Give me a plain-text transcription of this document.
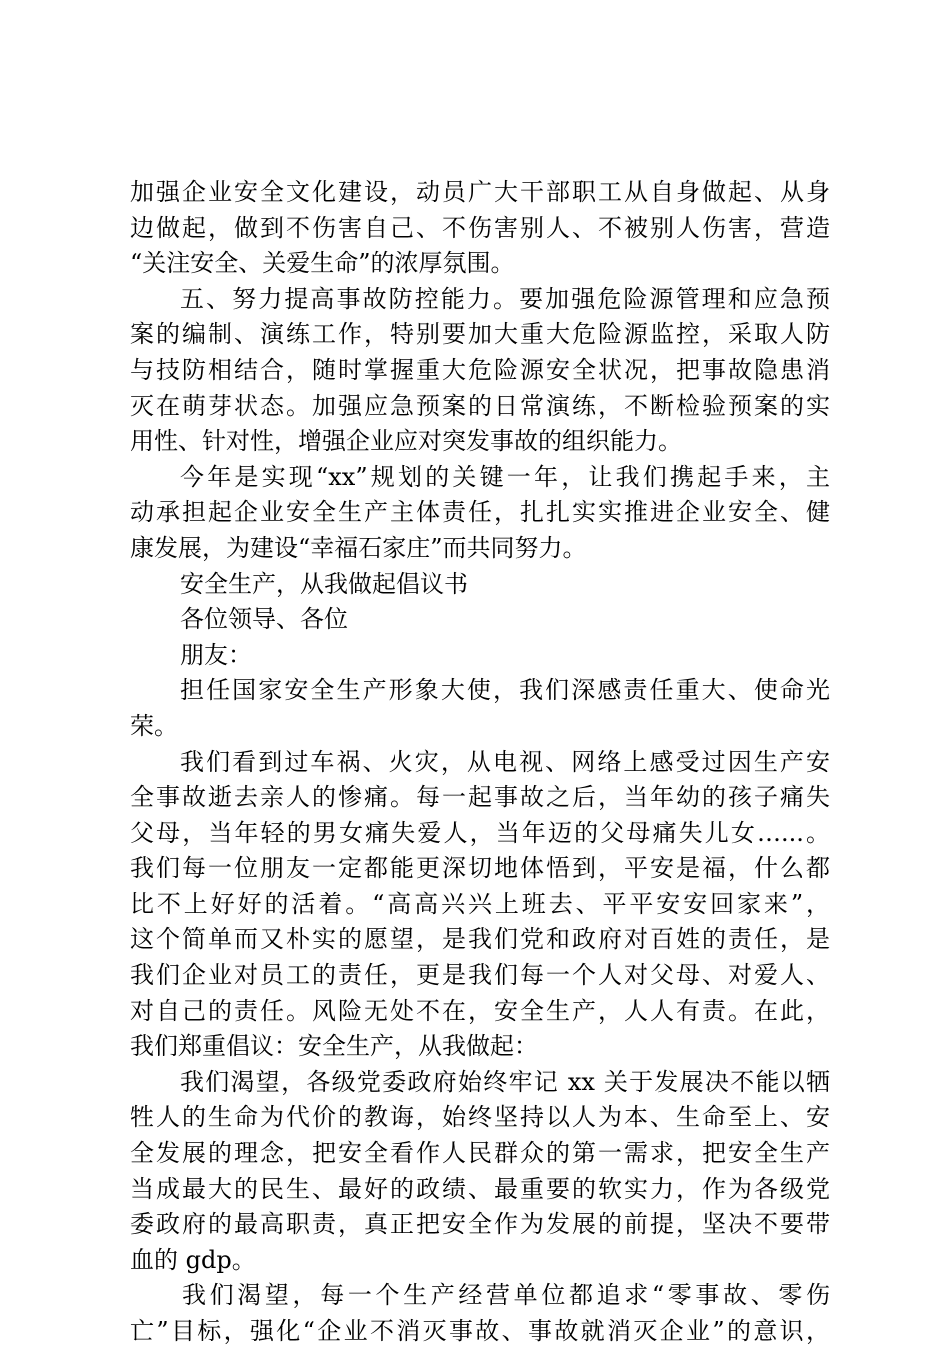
加强企业安全文化建设，动员广大干部职工从自身做起、从身
边做起，做到不伤害自己、不伤害别人、不被别人伤害，营造
“关注安全、关爱生命”的浓厚氛围。
五、努力提高事故防控能力。要加强危险源管理和应急预
案的编制、演练工作，特别要加大重大危险源监控，采取人防
与技防相结合，随时掌握重大危险源安全状况，把事故隐患消
灭在萌芽状态。加强应急预案的日常演练，不断检验预案的实
用性、针对性，增强企业应对突发事故的组织能力。
今年是实现“xx”规划的关键一年，让我们携起手来，主
动承担起企业安全生产主体责任，扎扎实实推进企业安全、健
康发展，为建设“幸福石家庄”而共同努力。
安全生产，从我做起倡议书
各位领导、各位
朋友：
担任国家安全生产形象大使，我们深感责任重大、使命光
荣。
我们看到过车祸、火灾，从电视、网络上感受过因生产安
全事故逝去亲人的惨痛。每一起事故之后，当年幼的孩子痛失
父母，当年轻的男女痛失爱人，当年迈的父母痛失儿女…...。
我们每一位朋友一定都能更深切地体悟到，平安是福，什么都
比不上好好的活着。“高高兴兴上班去、平平安安回家来”，
这个简单而又朴实的愿望，是我们党和政府对百姓的责任，是
我们企业对员工的责任，更是我们每一个人对父母、对爱人、
对自己的责任。风险无处不在，安全生产，人人有责。在此，
我们郑重倡议：安全生产，从我做起：
我们渴望，各级党委政府始终牢记 xx 关于发展决不能以牺
牲人的生命为代价的教诲，始终坚持以人为本、生命至上、安
全发展的理念，把安全看作人民群众的第一需求，把安全生产
当成最大的民生、最好的政绩、最重要的软实力，作为各级党
委政府的最高职责，真正把安全作为发展的前提，坚决不要带
血的 gdp。
我们渴望，每一个生产经营单位都追求“零事故、零伤
亡”目标，强化“企业不消灭事故、事故就消灭企业”的意识，
